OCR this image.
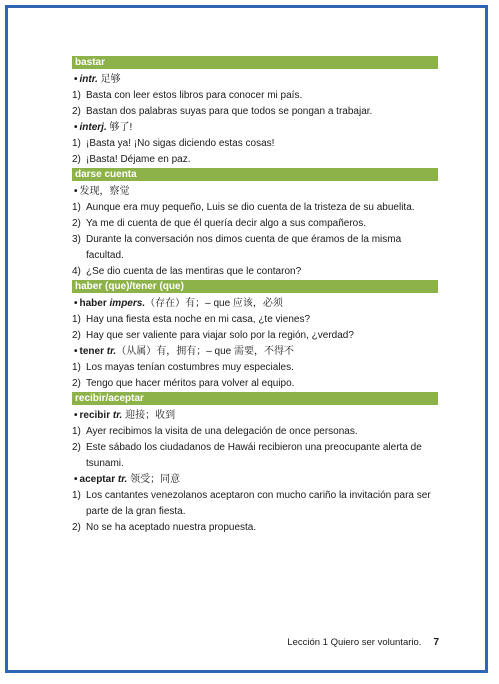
bastar

• intr. 足够

1) Basta con leer estos libros para conocer mi país.

2) Bastan dos palabras suyas para que todos se pongan a trabajar.

• interj. 够了!

1) ¡Basta ya! ¡No sigas diciendo estas cosas!

2) ¡Basta! Déjame en paz.

darse cuenta

• 发现，察觉

1) Aunque era muy pequeño, Luis se dio cuenta de la tristeza de su abuelita.

2) Ya me di cuenta de que él quería decir algo a sus compañeros.

3) Durante la conversación nos dimos cuenta de que éramos de la misma facultad.

4) ¿Se dio cuenta de las mentiras que le contaron?

haber (que)/tener (que)

• haber impers.（存在）有；– que 应该，必须

1) Hay una fiesta esta noche en mi casa, ¿te vienes?

2) Hay que ser valiente para viajar solo por la región, ¿verdad?

• tener tr.（从属）有，拥有；– que 需要，不得不

1) Los mayas tenían costumbres muy especiales.

2) Tengo que hacer méritos para volver al equipo.

recibir/aceptar

• recibir tr. 迎接；收到

1) Ayer recibimos la visita de una delegación de once personas.

2) Este sábado los ciudadanos de Hawái recibieron una preocupante alerta de tsunami.

• aceptar tr. 领受；同意

1) Los cantantes venezolanos aceptaron con mucho cariño la invitación para ser parte de la gran fiesta.

2) No se ha aceptado nuestra propuesta.

Lección 1 Quiero ser voluntario. 7
